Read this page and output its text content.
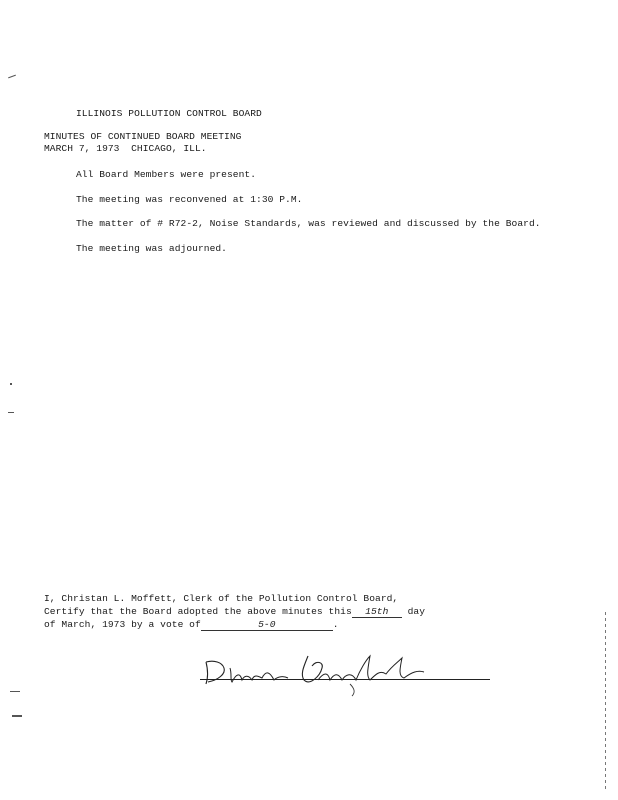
ILLINOIS POLLUTION CONTROL BOARD
MINUTES OF CONTINUED BOARD MEETING
MARCH 7, 1973  CHICAGO, ILL.
All Board Members were present.
The meeting was reconvened at 1:30 P.M.
The matter of # R72-2, Noise Standards, was reviewed and discussed by the Board.
The meeting was adjourned.
I, Christan L. Moffett, Clerk of the Pollution Control Board,
Certify that the Board adopted the above minutes this 15th day
of March, 1973 by a vote of	5-0	.
